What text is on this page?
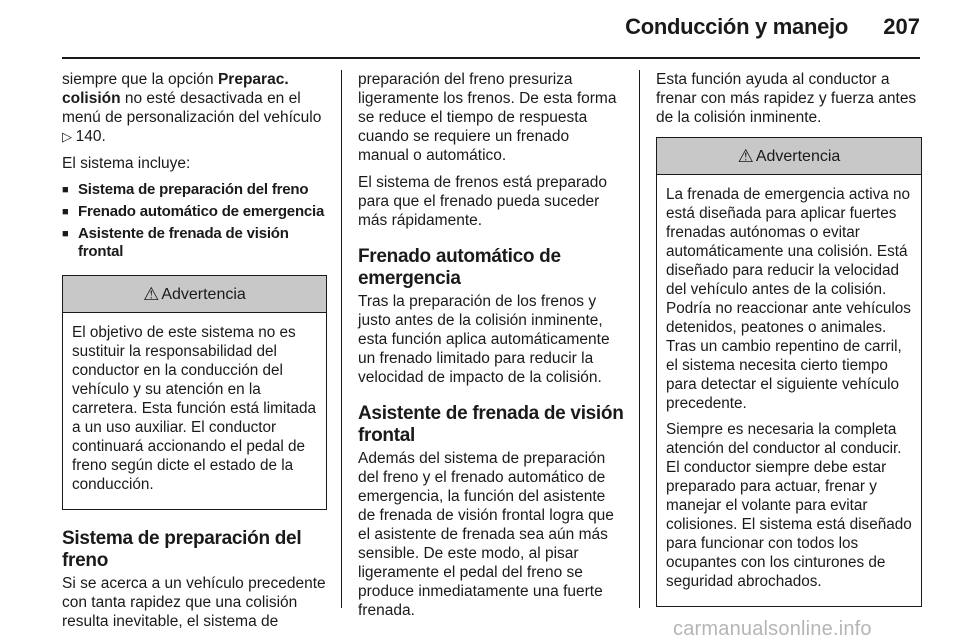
Conducción y manejo 207

siempre que la opción Preparac. colisión no esté desactivada en el menú de personalización del vehículo ▷ 140.

El sistema incluye:

■ Sistema de preparación del freno
■ Frenado automático de emergencia
■ Asistente de frenada de visión frontal
⚠ Advertencia

El objetivo de este sistema no es sustituir la responsabilidad del conductor en la conducción del vehículo y su atención en la carretera. Esta función está limitada a un uso auxiliar. El conductor continuará accionando el pedal de freno según dicte el estado de la conducción.

Sistema de preparación del freno

Si se acerca a un vehículo precedente con tanta rapidez que una colisión resulta inevitable, el sistema de

preparación del freno presuriza ligeramente los frenos. De esta forma se reduce el tiempo de respuesta cuando se requiere un frenado manual o automático.

El sistema de frenos está preparado para que el frenado pueda suceder más rápidamente.

Frenado automático de emergencia

Tras la preparación de los frenos y justo antes de la colisión inminente, esta función aplica automáticamente un frenado limitado para reducir la velocidad de impacto de la colisión.

Asistente de frenada de visión frontal

Además del sistema de preparación del freno y el frenado automático de emergencia, la función del asistente de frenada de visión frontal logra que el asistente de frenada sea aún más sensible. De este modo, al pisar ligeramente el pedal del freno se produce inmediatamente una fuerte frenada.

Esta función ayuda al conductor a frenar con más rapidez y fuerza antes de la colisión inminente.

⚠ Advertencia

La frenada de emergencia activa no está diseñada para aplicar fuertes frenadas autónomas o evitar automáticamente una colisión. Está diseñado para reducir la velocidad del vehículo antes de la colisión. Podría no reaccionar ante vehículos detenidos, peatones o animales. Tras un cambio repentino de carril, el sistema necesita cierto tiempo para detectar el siguiente vehículo precedente.

Siempre es necesaria la completa atención del conductor al conducir. El conductor siempre debe estar preparado para actuar, frenar y manejar el volante para evitar colisiones. El sistema está diseñado para funcionar con todos los ocupantes con los cinturones de seguridad abrochados.

carmanualsonline.info
